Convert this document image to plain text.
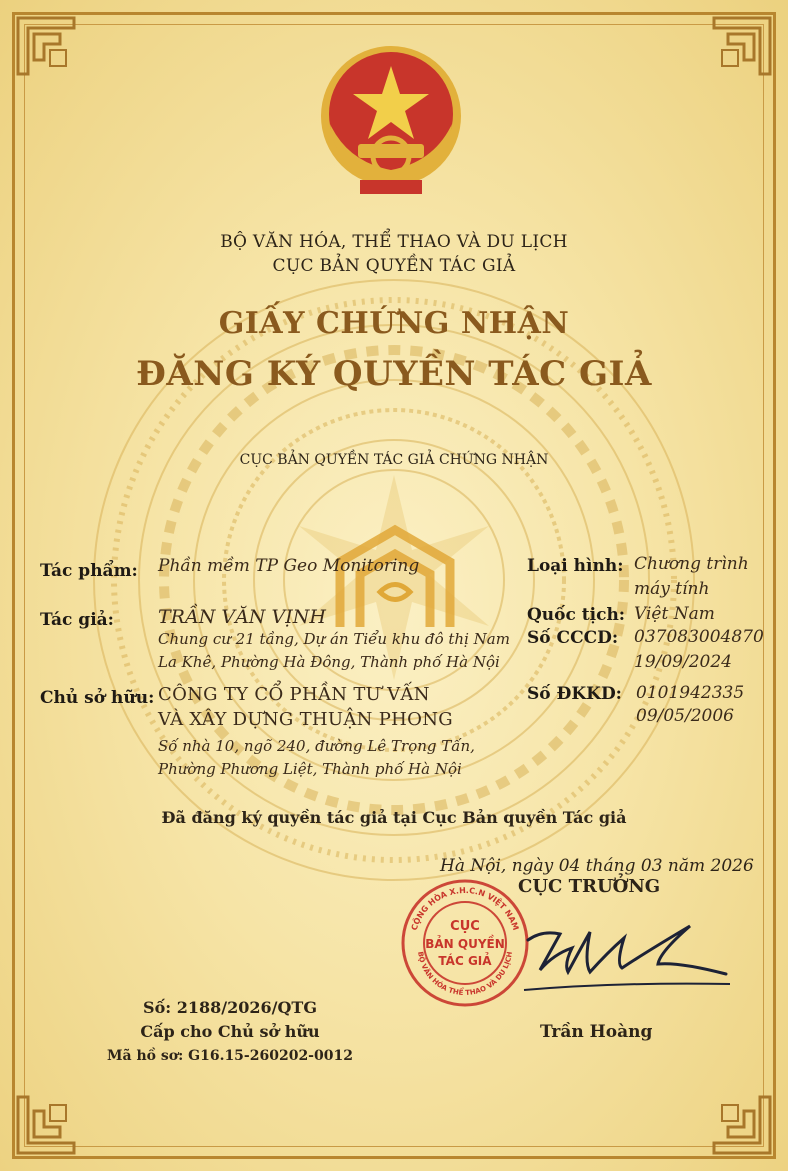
BỘ VĂN HÓA, THỂ THAO VÀ DU LỊCH
CỤC BẢN QUYỀN TÁC GIẢ
GIẤY CHỨNG NHẬN
ĐĂNG KÝ QUYỀN TÁC GIẢ
CỤC BẢN QUYỀN TÁC GIẢ CHỨNG NHẬN
Tác phẩm: Phần mềm TP Geo Monitoring
Tác giả: TRẦN VĂN VỊNH
Chung cư 21 tầng, Dự án Tiểu khu đô thị Nam
La Khê, Phường Hà Đông, Thành phố Hà Nội
Chủ sở hữu: CÔNG TY CỔ PHẦN TƯ VẤN
VÀ XÂY DỰNG THUẬN PHONG
Số nhà 10, ngõ 240, đường Lê Trọng Tấn,
Phường Phương Liệt, Thành phố Hà Nội
Loại hình: Chương trình
máy tính
Quốc tịch: Việt Nam
Số CCCD: 037083004870
19/09/2024
Số ĐKKD: 0101942335
09/05/2006
Đã đăng ký quyền tác giả tại Cục Bản quyền Tác giả
Hà Nội, ngày 04 tháng 03 năm 2026
CỤC TRƯỞNG
CỘNG HÒA X.H.C.N VIỆT NAM
BỘ VĂN HÓA THỂ THAO VÀ DU LỊCH
CỤC
BẢN QUYỀN
TÁC GIẢ
Trần Hoàng
Số: 2188/2026/QTG
Cấp cho Chủ sở hữu
Mã hồ sơ: G16.15-260202-0012
